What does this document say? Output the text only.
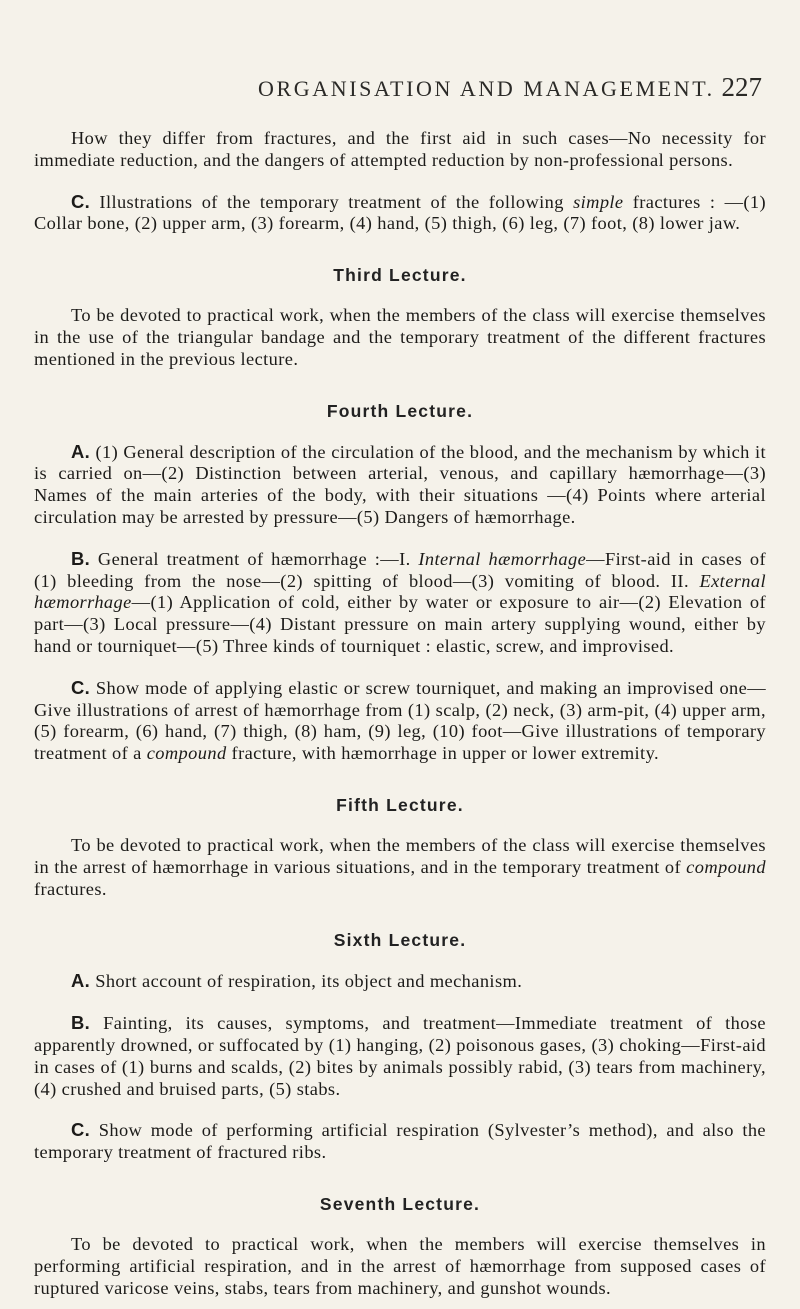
ORGANISATION AND MANAGEMENT. 227

How they differ from fractures, and the first aid in such cases—No necessity for immediate reduction, and the dangers of attempted reduction by non-professional persons.

C. Illustrations of the temporary treatment of the following simple fractures : —(1) Collar bone, (2) upper arm, (3) forearm, (4) hand, (5) thigh, (6) leg, (7) foot, (8) lower jaw.

Third Lecture.

To be devoted to practical work, when the members of the class will exercise themselves in the use of the triangular bandage and the temporary treatment of the different fractures mentioned in the previous lecture.

Fourth Lecture.

A. (1) General description of the circulation of the blood, and the mechanism by which it is carried on—(2) Distinction between arterial, venous, and capillary hæmorrhage—(3) Names of the main arteries of the body, with their situations —(4) Points where arterial circulation may be arrested by pressure—(5) Dangers of hæmorrhage.

B. General treatment of hæmorrhage :—I. Internal hæmorrhage—First-aid in cases of (1) bleeding from the nose—(2) spitting of blood—(3) vomiting of blood. II. External hæmorrhage—(1) Application of cold, either by water or exposure to air—(2) Elevation of part—(3) Local pressure—(4) Distant pressure on main artery supplying wound, either by hand or tourniquet—(5) Three kinds of tourniquet : elastic, screw, and improvised.

C. Show mode of applying elastic or screw tourniquet, and making an improvised one—Give illustrations of arrest of hæmorrhage from (1) scalp, (2) neck, (3) arm-pit, (4) upper arm, (5) forearm, (6) hand, (7) thigh, (8) ham, (9) leg, (10) foot—Give illustrations of temporary treatment of a compound fracture, with hæmorrhage in upper or lower extremity.

Fifth Lecture.

To be devoted to practical work, when the members of the class will exercise themselves in the arrest of hæmorrhage in various situations, and in the temporary treatment of compound fractures.

Sixth Lecture.

A. Short account of respiration, its object and mechanism.

B. Fainting, its causes, symptoms, and treatment—Immediate treatment of those apparently drowned, or suffocated by (1) hanging, (2) poisonous gases, (3) choking—First-aid in cases of (1) burns and scalds, (2) bites by animals possibly rabid, (3) tears from machinery, (4) crushed and bruised parts, (5) stabs.

C. Show mode of performing artificial respiration (Sylvester’s method), and also the temporary treatment of fractured ribs.

Seventh Lecture.

To be devoted to practical work, when the members will exercise themselves in performing artificial respiration, and in the arrest of hæmorrhage from supposed cases of ruptured varicose veins, stabs, tears from machinery, and gunshot wounds.
